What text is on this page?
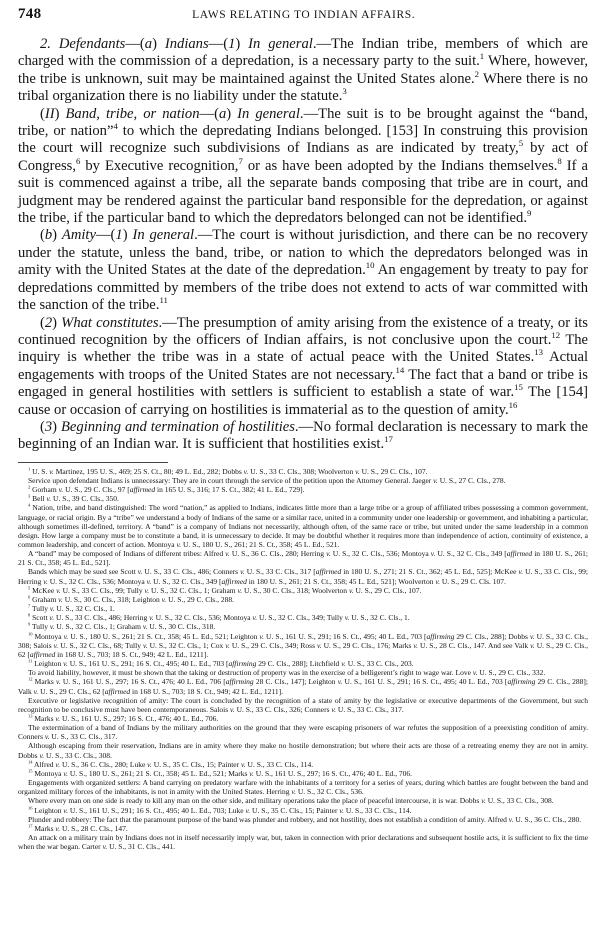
748	LAWS RELATING TO INDIAN AFFAIRS.

2. Defendants—(a) Indians—(1) In general.—The Indian tribe, members of which are charged with the commission of a depredation, is a necessary party to the suit.$^1$ Where, however, the tribe is unknown, suit may be maintained against the United States alone.$^2$ Where there is no tribal organization there is no liability under the statute.$^3$

(II) Band, tribe, or nation—(a) In general.—The suit is to be brought against the “band, tribe, or nation”$^4$ to which the depredating Indians belonged. [153] In construing this provision the court will recognize such subdivisions of Indians as are indicated by treaty,$^5$ by act of Congress,$^6$ by Executive recognition,$^7$ or as have been adopted by the Indians themselves.$^8$ If a suit is commenced against a tribe, all the separate bands composing that tribe are in court, and judgment may be rendered against the particular band responsible for the depredation, or against the tribe, if the particular band to which the depredators belonged can not be identified.$^9$

(b) Amity—(1) In general.—The court is without jurisdiction, and there can be no recovery under the statute, unless the band, tribe, or nation to which the depredators belonged was in amity with the United States at the date of the depredation.$^{10}$ An engagement by treaty to pay for depredations committed by members of the tribe does not extend to acts of war committed with the sanction of the tribe.$^{11}$

(2) What constitutes.—The presumption of amity arising from the existence of a treaty, or its continued recognition by the officers of Indian affairs, is not conclusive upon the court.$^{12}$ The inquiry is whether the tribe was in a state of actual peace with the United States.$^{13}$ Actual engagements with troops of the United States are not necessary.$^{14}$ The fact that a band or tribe is engaged in general hostilities with settlers is sufficient to establish a state of war.$^{15}$ The [154] cause or occasion of carrying on hostilities is immaterial as to the question of amity.$^{16}$

(3) Beginning and termination of hostilities.—No formal declaration is necessary to mark the beginning of an Indian war. It is sufficient that hostilities exist.$^{17}$

$^1$ U. S. v. Martinez, 195 U. S., 469; 25 S. Ct., 80; 49 L. Ed., 282; Dobbs v. U. S., 33 C. Cls., 308; Woolverton v. U. S., 29 C. Cls., 107.

Service upon defendant Indians is unnecessary: They are in court through the service of the petition upon the Attorney General. Jaeger v. U. S., 27 C. Cls., 278.

$^2$ Gorham v. U. S., 29 C. Cls., 97 [affirmed in 165 U. S., 316; 17 S. Ct., 382; 41 L. Ed., 729].

$^3$ Bell v. U. S., 39 C. Cls., 350.

$^4$ Nation, tribe, and band distinguished: The word “nation,” as applied to Indians, indicates little more than a large tribe or a group of affiliated tribes possessing a common government, language, or racial origin. By a “tribe” we understand a body of Indians of the same or a similar race, united in a community under one leadership or government, and inhabiting a particular, although sometimes ill-defined, territory. A “band” is a company of Indians not necessarily, although often, of the same race or tribe, but united under the same leadership in a common design. How large a company must be to constitute a band, it is unnecessary to decide. It may be doubtful whether it requires more than independence of action, continuity of existence, a common leadership, and concert of action. Montoya v. U. S., 180 U. S., 261; 21 S. Ct., 358; 45 L. Ed., 521.

A “band” may be composed of Indians of different tribes: Alfred v. U. S., 36 C. Cls., 280; Herring v. U. S., 32 C. Cls., 536; Montoya v. U. S., 32 C. Cls., 349 [affirmed in 180 U. S., 261; 21 S. Ct., 358; 45 L. Ed., 521].

Bands which may be sued see Scott v. U. S., 33 C. Cls., 486; Conners v. U. S., 33 C. Cls., 317 [affirmed in 180 U. S., 271; 21 S. Ct., 362; 45 L. Ed., 525]; McKee v. U. S., 33 C. Cls., 99; Herring v. U. S., 32 C. Cls., 536; Montoya v. U. S., 32 C. Cls., 349 [affirmed in 180 U. S., 261; 21 S. Ct., 358; 45 L. Ed., 521]; Woolverton v. U. S., 29 C. Cls. 107.

$^5$ McKee v. U. S., 33 C. Cls., 99; Tully v. U. S., 32 C. Cls., 1; Graham v. U. S., 30 C. Cls., 318; Woolverton v. U. S., 29 C. Cls., 107.

$^6$ Graham v. U. S., 30 C. Cls., 318; Leighton v. U. S., 29 C. Cls., 288.

$^7$ Tully v. U. S., 32 C. Cls., 1.

$^8$ Scott v. U. S., 33 C. Cls., 486; Herring v. U. S., 32 C. Cls., 536; Montoya v. U. S., 32 C. Cls., 349; Tully v. U. S., 32 C. Cls., 1.

$^9$ Tully v. U. S., 32 C. Cls., 1; Graham v. U. S., 30 C. Cls., 318.

$^{10}$ Montoya v. U. S., 180 U. S., 261; 21 S. Ct., 358; 45 L. Ed., 521; Leighton v. U. S., 161 U. S., 291; 16 S. Ct., 495; 40 L. Ed., 703 [affirming 29 C. Cls., 288]; Dobbs v. U. S., 33 C. Cls., 308; Salois v. U. S., 32 C. Cls., 68; Tully v. U. S., 32 C. Cls., 1; Cox v. U. S., 29 C. Cls., 349; Ross v. U. S., 29 C. Cls., 176; Marks v. U. S., 28 C. Cls., 147. And see Valk v. U. S., 29 C. Cls., 62 [affirmed in 168 U. S., 703; 18 S. Ct., 949; 42 L. Ed., 1211].

$^{11}$ Leighton v. U. S., 161 U. S., 291; 16 S. Ct., 495; 40 L. Ed., 703 [affirming 29 C. Cls., 288]; Litchfield v. U. S., 33 C. Cls., 203.

To avoid liability, however, it must be shown that the taking or destruction of property was in the exercise of a belligerent’s right to wage war. Love v. U. S., 29 C. Cls., 332.

$^{12}$ Marks v. U. S., 161 U. S., 297; 16 S. Ct., 476; 40 L. Ed., 706 [affirming 28 C. Cls., 147]; Leighton v. U. S., 161 U. S., 291; 16 S. Ct., 495; 40 L. Ed., 703 [affirming 29 C. Cls., 288]; Valk v. U. S., 29 C. Cls., 62 [affirmed in 168 U. S., 703; 18 S. Ct., 949; 42 L. Ed., 1211].

Executive or legislative recognition of amity: The court is concluded by the recognition of a state of amity by the legislative or executive departments of the Government, but such recognition to be conclusive must have been contemporaneous. Salois v. U. S., 33 C. Cls., 326; Conners v. U. S., 33 C. Cls., 317.

$^{13}$ Marks v. U. S., 161 U. S., 297; 16 S. Ct., 476; 40 L. Ed., 706.

The extermination of a band of Indians by the military authorities on the ground that they were escaping prisoners of war refutes the supposition of a preexisting condition of amity. Conners v. U. S., 33 C. Cls., 317.

Although escaping from their reservation, Indians are in amity where they make no hostile demonstration; but where their acts are those of a retreating enemy they are not in amity. Dobbs v. U. S., 33 C. Cls., 308.

$^{14}$ Alfred v. U. S., 36 C. Cls., 280; Luke v. U. S., 35 C. Cls., 15; Painter v. U. S., 33 C. Cls., 114.

$^{15}$ Montoya v. U. S., 180 U. S., 261; 21 S. Ct., 358; 45 L. Ed., 521; Marks v. U. S., 161 U. S., 297; 16 S. Ct., 476; 40 L. Ed., 706.

Engagements with organized settlers: A band carrying on predatory warfare with the inhabitants of a territory for a series of years, during which battles are fought between the band and organized military forces of the inhabitants, is not in amity with the United States. Herring v. U. S., 32 C. Cls., 536.

Where every man on one side is ready to kill any man on the other side, and military operations take the place of peaceful intercourse, it is war. Dobbs v. U. S., 33 C. Cls., 308.

$^{16}$ Leighton v. U. S., 161 U. S., 291; 16 S. Ct., 495; 40 L. Ed., 703; Luke v. U. S., 35 C. Cls., 15; Painter v. U. S., 33 C. Cls., 114.

Plunder and robbery: The fact that the paramount purpose of the band was plunder and robbery, and not hostility, does not establish a condition of amity. Alfred v. U. S., 36 C. Cls., 280.

$^{17}$ Marks v. U. S., 28 C. Cls., 147.

An attack on a military train by Indians does not in itself necessarily imply war, but, taken in connection with prior declarations and subsequent hostile acts, it is sufficient to fix the time when the war began. Carter v. U. S., 31 C. Cls., 441.
